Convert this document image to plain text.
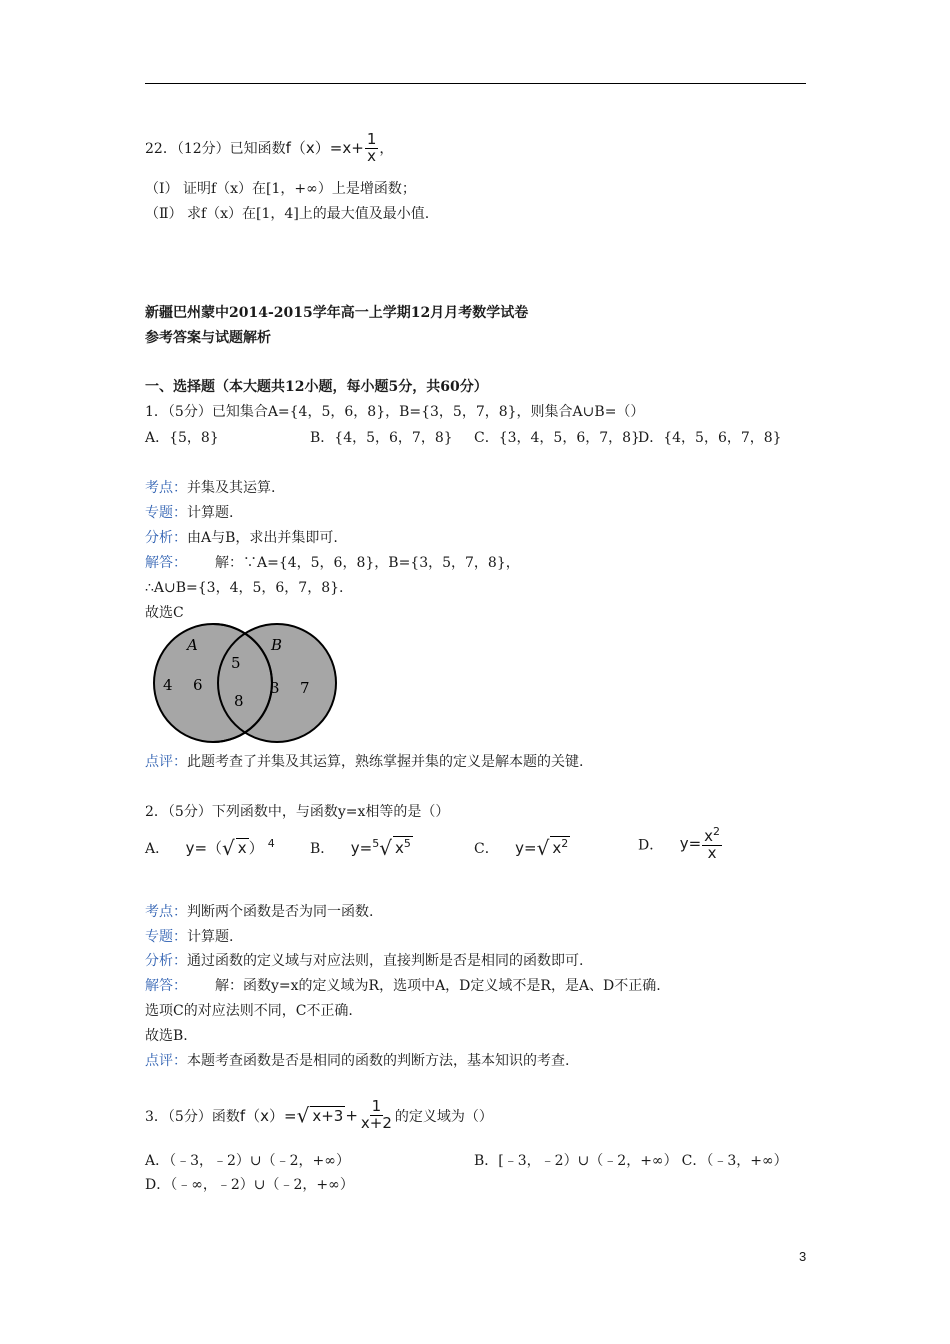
22．（12分）已知函数$f(x)=x+ \frac{1}{x}$ ，
（Ⅰ） 证明f（x）在[1，+∞）上是增函数；
（Ⅱ） 求f（x）在[1，4]上的最大值及最小值.
新疆巴州蒙中2014-2015学年高一上学期12月月考数学试卷
参考答案与试题解析
一、选择题（本大题共12小题，每小题5分，共60分）
1．（5分）已知集合A={4，5，6，8}，B={3，5，7，8}，则集合A∪B=（）
A．{5，8}	B．{4，5，6，7，8} C．{3，4，5，6，7，8}
D．{4，5，6，7，8}
考点：并集及其运算.
专题：计算题.
分析：由A与B，求出并集即可.
解答： 解：∵A={4，5，6，8}，B={3，5，7，8}，
∴A∪B={3，4，5，6，7，8}.
故选C
A	B
4 6
5
8
3 7
点评：此题考查了并集及其运算，熟练掌握并集的定义是解本题的关键.
2．（5分）下列函数中，与函数y=x相等的是（）
A． y=（√ x ） $^4$	B． y=$^5$√ $x^5$	C． y=√ $x^2$	D． $y= \frac{x^2}{x}$
考点：判断两个函数是否为同一函数.
专题：计算题.
分析：通过函数的定义域与对应法则，直接判断是否是相同的函数即可.
解答： 解：函数y=x的定义域为R，选项中A，D定义域不是R，是A、D不正确.
选项C的对应法则不同，C不正确.
故选B.
点评：本题考查函数是否是相同的函数的判断方法，基本知识的考查.
3．（5分）函数f（x）=√ $x+3 + \frac{1}{x+2}$ 的定义域为（）
A．（﹣3，﹣2）∪（﹣2，+∞）	B．[﹣3，﹣2）∪（﹣2，+∞） C．（﹣3，+∞）
D．（﹣∞，﹣2）∪（﹣2，+∞）
3
